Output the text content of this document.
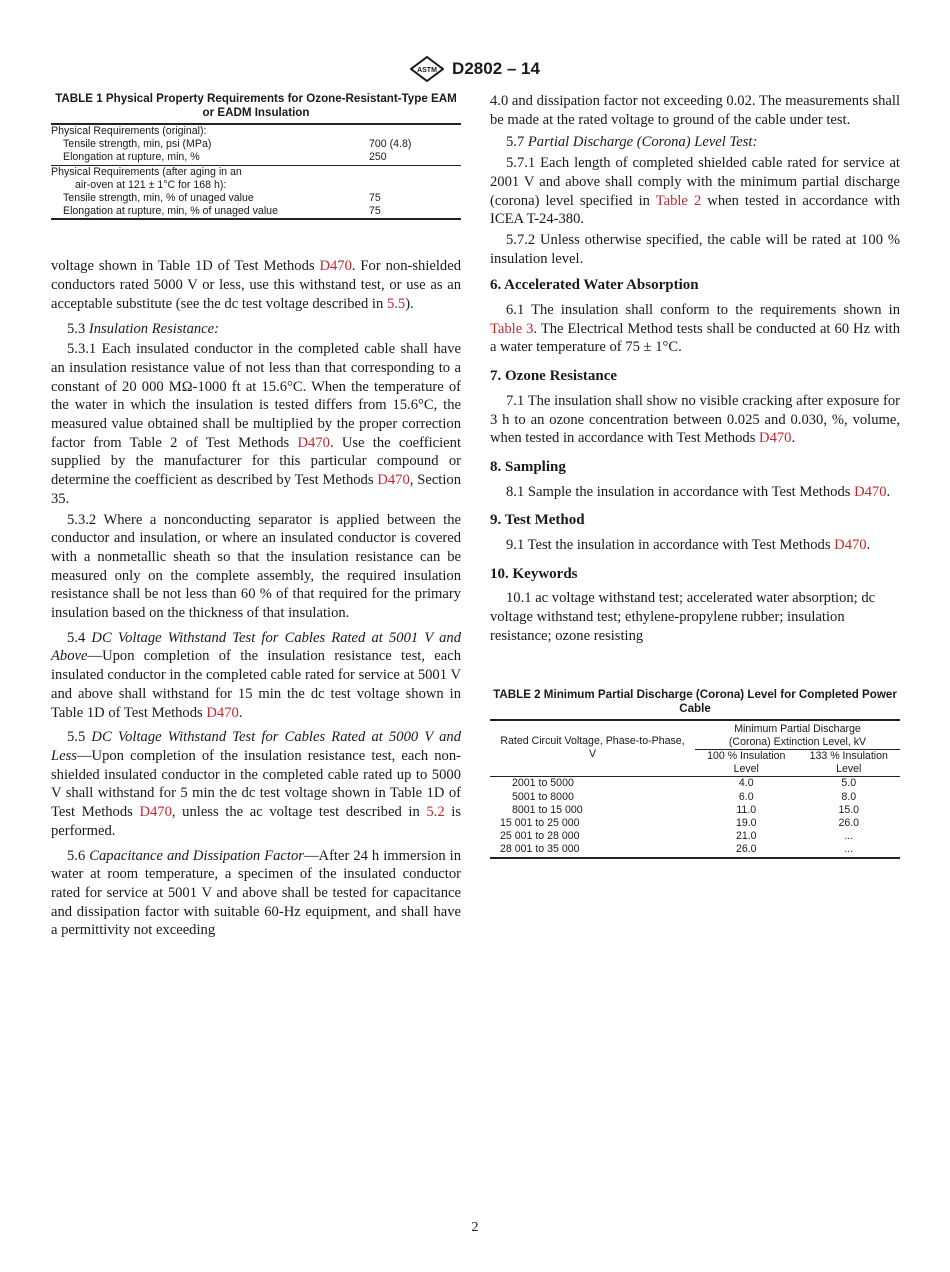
ASTM D2802 – 14
TABLE 1 Physical Property Requirements for Ozone-Resistant-Type EAM or EADM Insulation
Physical Requirements (original):	
Tensile strength, min, psi (MPa)	700 (4.8)
Elongation at rupture, min, %	250
Physical Requirements (after aging in an	
air-oven at 121 ± 1°C for 168 h):	
Tensile strength, min, % of unaged value	75
Elongation at rupture, min, % of unaged value	75

voltage shown in Table 1D of Test Methods D470. For non-shielded conductors rated 5000 V or less, use this withstand test, or use as an acceptable substitute (see the dc test voltage described in 5.5).

5.3 Insulation Resistance:

5.3.1 Each insulated conductor in the completed cable shall have an insulation resistance value of not less than that corresponding to a constant of 20 000 MΩ-1000 ft at 15.6°C. When the temperature of the water in which the insulation is tested differs from 15.6°C, the measured value obtained shall be multiplied by the proper correction factor from Table 2 of Test Methods D470. Use the coefficient supplied by the manufacturer for this particular compound or determine the coefficient as described by Test Methods D470, Section 35.

5.3.2 Where a nonconducting separator is applied between the conductor and insulation, or where an insulated conductor is covered with a nonmetallic sheath so that the insulation resistance can be measured only on the complete assembly, the required insulation resistance shall be not less than 60 % of that required for the primary insulation based on the thickness of that insulation.

5.4 DC Voltage Withstand Test for Cables Rated at 5001 V and Above—Upon completion of the insulation resistance test, each insulated conductor in the completed cable rated for service at 5001 V and above shall withstand for 15 min the dc test voltage shown in Table 1D of Test Methods D470.

5.5 DC Voltage Withstand Test for Cables Rated at 5000 V and Less—Upon completion of the insulation resistance test, each non-shielded insulated conductor in the completed cable rated up to 5000 V shall withstand for 5 min the dc test voltage shown in Table 1D of Test Methods D470, unless the ac voltage test described in 5.2 is performed.

5.6 Capacitance and Dissipation Factor—After 24 h immersion in water at room temperature, a specimen of the insulated conductor rated for service at 5001 V and above shall be tested for capacitance and dissipation factor with suitable 60-Hz equipment, and shall have a permittivity not exceeding

4.0 and dissipation factor not exceeding 0.02. The measurements shall be made at the rated voltage to ground of the cable under test.

5.7 Partial Discharge (Corona) Level Test:

5.7.1 Each length of completed shielded cable rated for service at 2001 V and above shall comply with the minimum partial discharge (corona) level specified in Table 2 when tested in accordance with ICEA T-24-380.

5.7.2 Unless otherwise specified, the cable will be rated at 100 % insulation level.

6. Accelerated Water Absorption

6.1 The insulation shall conform to the requirements shown in Table 3. The Electrical Method tests shall be conducted at 60 Hz with a water temperature of 75 ± 1°C.

7. Ozone Resistance

7.1 The insulation shall show no visible cracking after exposure for 3 h to an ozone concentration between 0.025 and 0.030, %, volume, when tested in accordance with Test Methods D470.

8. Sampling

8.1 Sample the insulation in accordance with Test Methods D470.

9. Test Method

9.1 Test the insulation in accordance with Test Methods D470.

10. Keywords

10.1 ac voltage withstand test; accelerated water absorption; dc voltage withstand test; ethylene-propylene rubber; insulation resistance; ozone resisting

TABLE 2 Minimum Partial Discharge (Corona) Level for Completed Power Cable
Rated Circuit Voltage, Phase-to-Phase, V	Minimum Partial Discharge (Corona) Extinction Level, kV	
	100 % Insulation Level	133 % Insulation Level
2001 to 5000	4.0	5.0
5001 to 8000	6.0	8.0
8001 to 15 000	11.0	15.0
15 001 to 25 000	19.0	26.0
25 001 to 28 000	21.0	...
28 001 to 35 000	26.0	...
2
